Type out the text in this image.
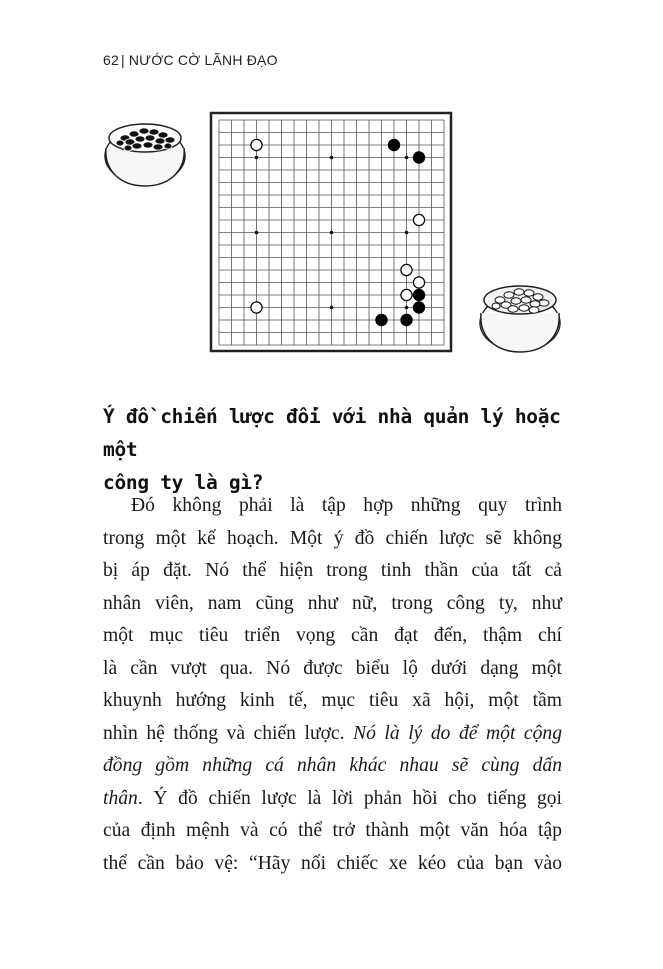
62 | NƯỚC CỜ LÃNH ĐẠO
Ý đồ chiến lược đối với nhà quản lý hoặc một
công ty là gì?
Đó không phải là tập hợp những quy trình
trong một kế hoạch. Một ý đồ chiến lược sẽ không
bị áp đặt. Nó thể hiện trong tinh thần của tất cả
nhân viên, nam cũng như nữ, trong công ty, như
một mục tiêu triển vọng cần đạt đến, thậm chí
là cần vượt qua. Nó được biểu lộ dưới dạng một
khuynh hướng kinh tế, mục tiêu xã hội, một tầm
nhìn hệ thống và chiến lược. Nó là lý do để một cộng
đồng gồm những cá nhân khác nhau sẽ cùng dấn
thân. Ý đồ chiến lược là lời phản hồi cho tiếng gọi
của định mệnh và có thể trở thành một văn hóa tập
thể cần bảo vệ: “Hãy nối chiếc xe kéo của bạn vào
